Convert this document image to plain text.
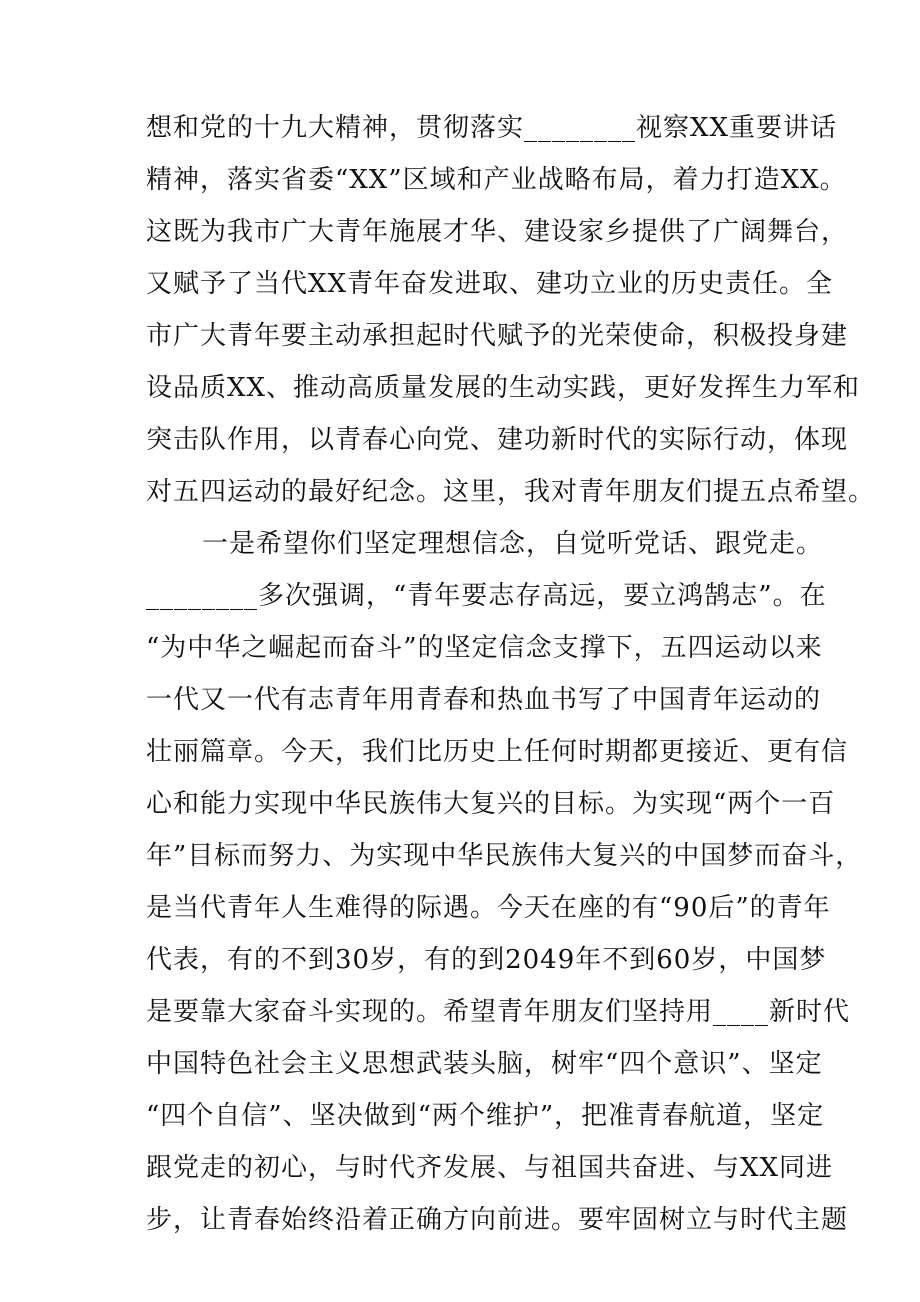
想和党的十九大精神，贯彻落实________视察XX重要讲话
精神，落实省委“XX”区域和产业战略布局，着力打造XX。
这既为我市广大青年施展才华、建设家乡提供了广阔舞台，
又赋予了当代XX青年奋发进取、建功立业的历史责任。全
市广大青年要主动承担起时代赋予的光荣使命，积极投身建
设品质XX、推动高质量发展的生动实践，更好发挥生力军和
突击队作用，以青春心向党、建功新时代的实际行动，体现
对五四运动的最好纪念。这里，我对青年朋友们提五点希望。
一是希望你们坚定理想信念，自觉听党话、跟党走。
________多次强调，“青年要志存高远，要立鸿鹄志”。在
“为中华之崛起而奋斗”的坚定信念支撑下，五四运动以来
一代又一代有志青年用青春和热血书写了中国青年运动的
壮丽篇章。今天，我们比历史上任何时期都更接近、更有信
心和能力实现中华民族伟大复兴的目标。为实现“两个一百
年”目标而努力、为实现中华民族伟大复兴的中国梦而奋斗，
是当代青年人生难得的际遇。今天在座的有“90后”的青年
代表，有的不到30岁，有的到2049年不到60岁，中国梦
是要靠大家奋斗实现的。希望青年朋友们坚持用____新时代
中国特色社会主义思想武装头脑，树牢“四个意识”、坚定
“四个自信”、坚决做到“两个维护”，把准青春航道，坚定
跟党走的初心，与时代齐发展、与祖国共奋进、与XX同进
步，让青春始终沿着正确方向前进。要牢固树立与时代主题
